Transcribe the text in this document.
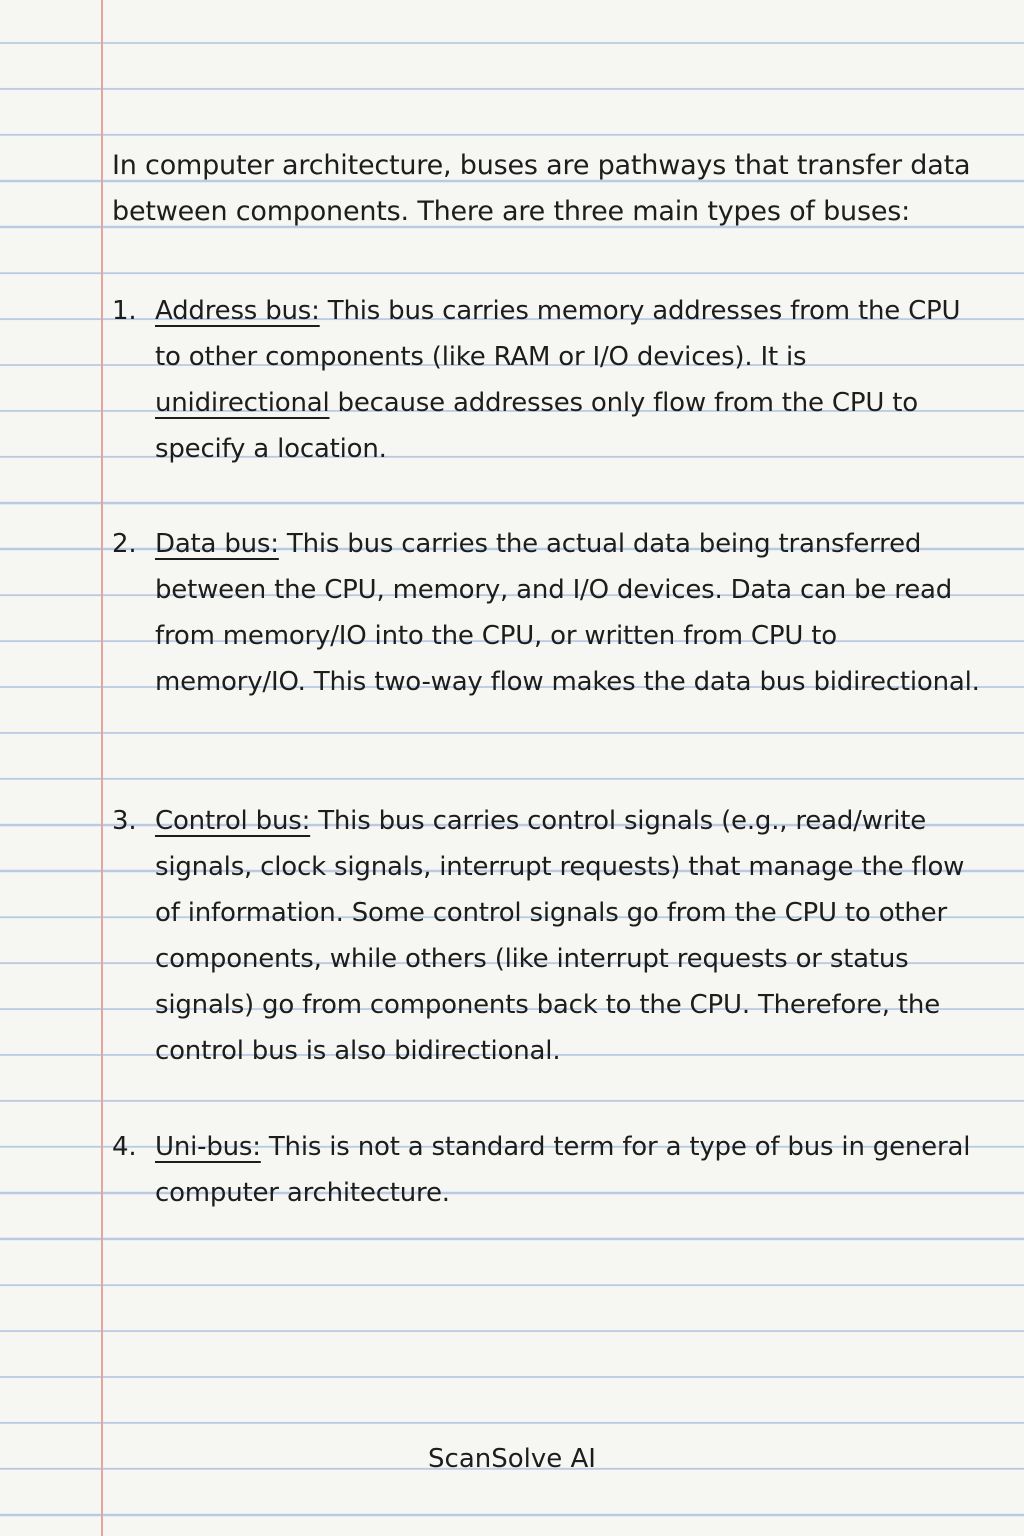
In computer architecture, buses are pathways that transfer data between components. There are three main types of buses:

1. Address bus: This bus carries memory addresses from the CPU to other components (like RAM or I/O devices). It is unidirectional because addresses only flow from the CPU to specify a location.
2. Data bus: This bus carries the actual data being transferred between the CPU, memory, and I/O devices. Data can be read from memory/IO into the CPU, or written from CPU to memory/IO. This two-way flow makes the data bus bidirectional.
3. Control bus: This bus carries control signals (e.g., read/write signals, clock signals, interrupt requests) that manage the flow of information. Some control signals go from the CPU to other components, while others (like interrupt requests or status signals) go from components back to the CPU. Therefore, the control bus is also bidirectional.
4. Uni-bus: This is not a standard term for a type of bus in general computer architecture.
ScanSolve AI
